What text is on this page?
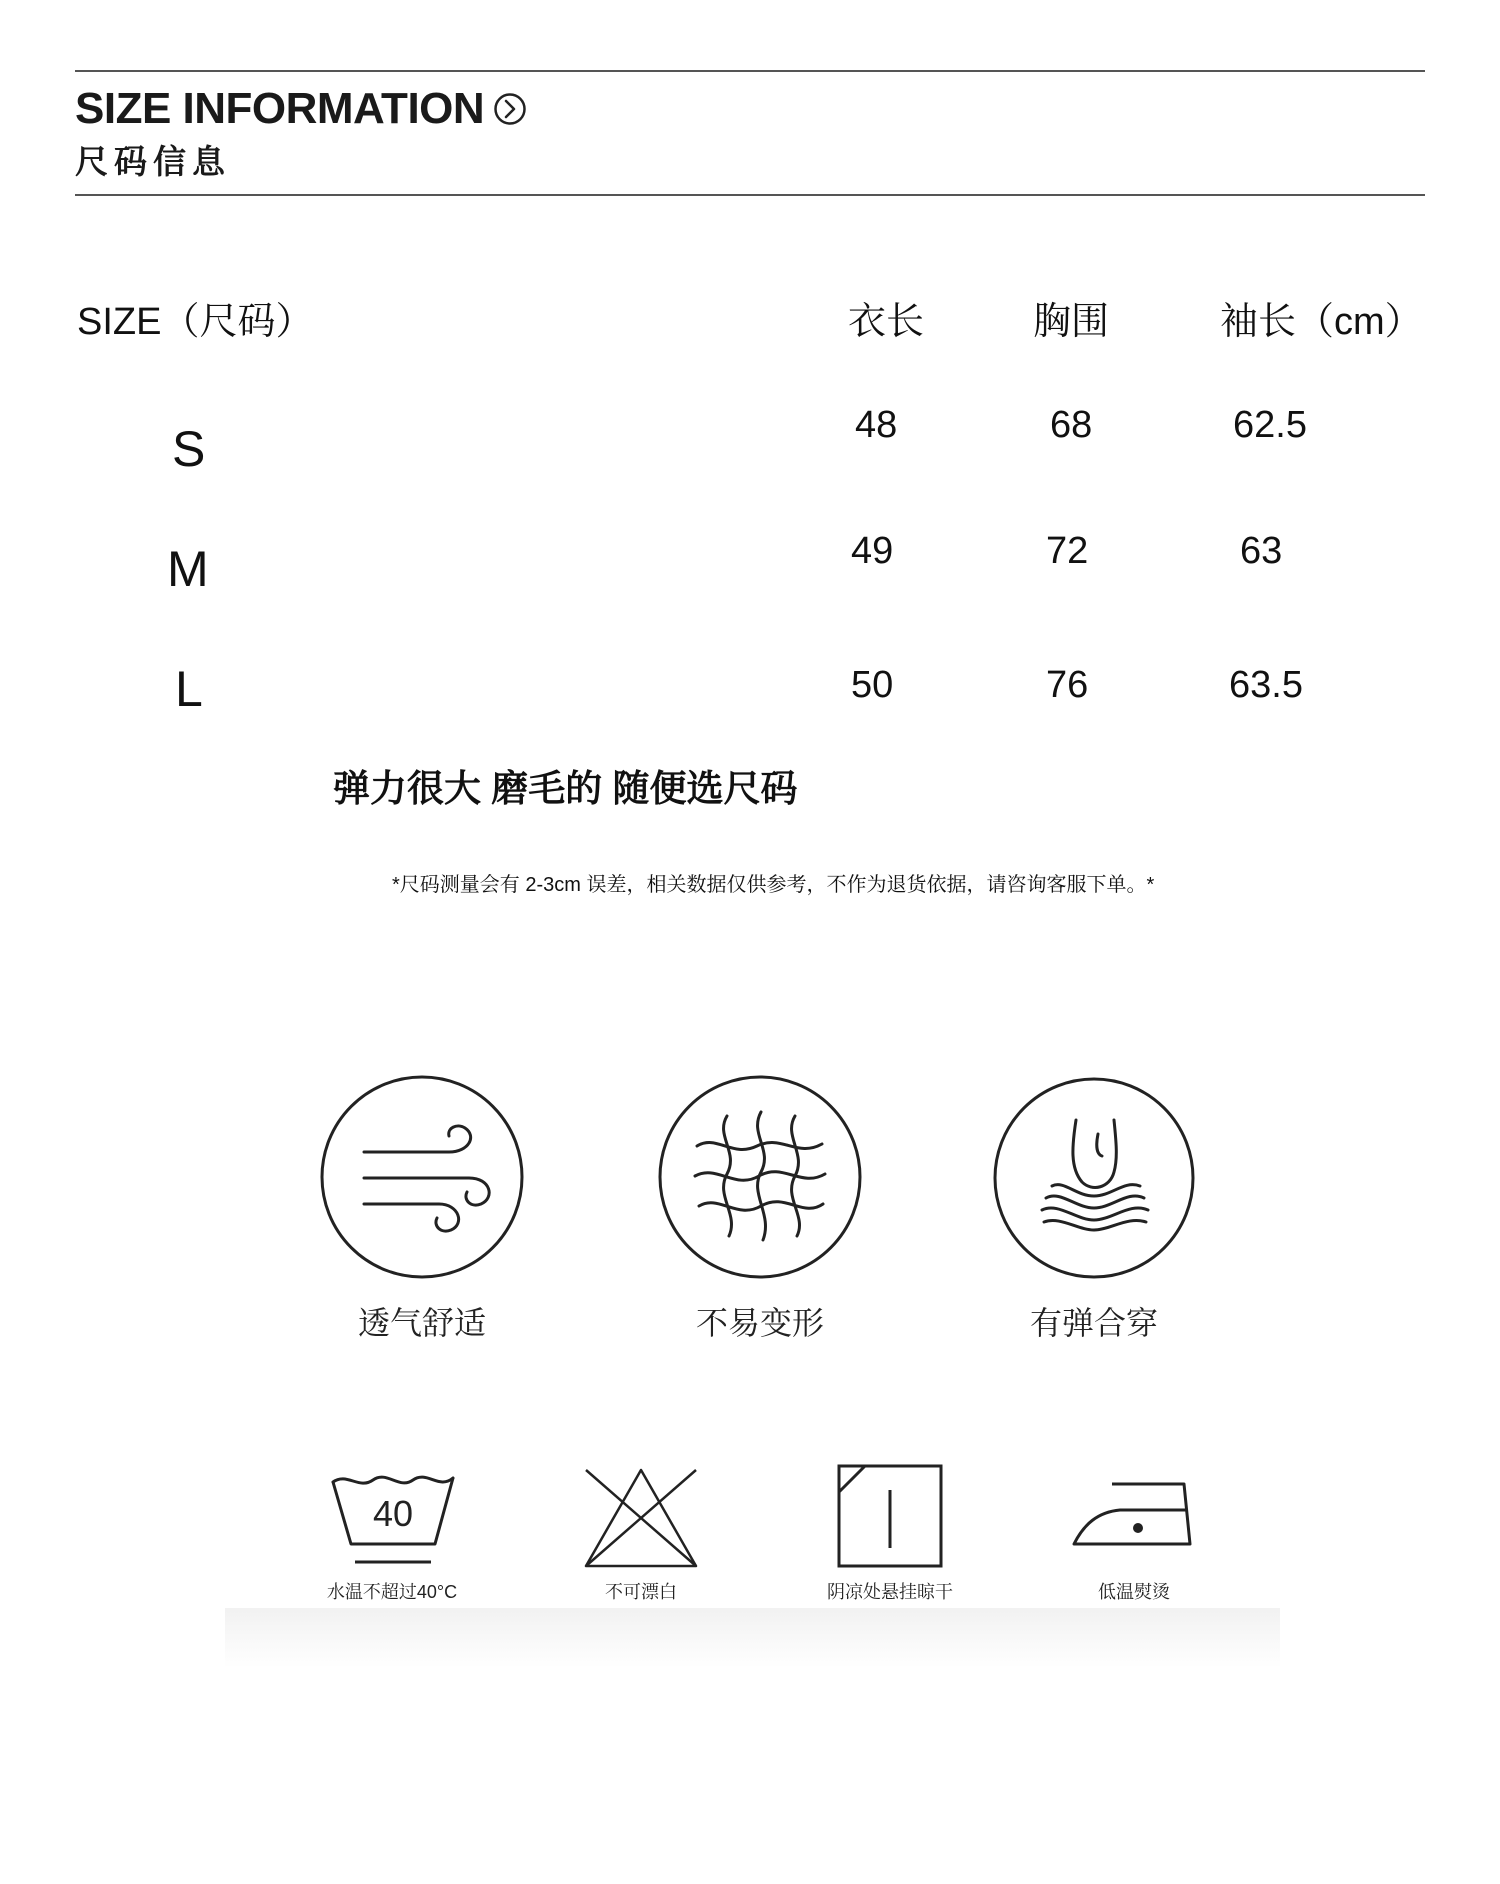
SIZE INFORMATION
尺码信息
SIZE（尺码）	衣长	胸围	袖长（cm）
S	48	68	62.5
M	49	72	63
L	50	76	63.5
弹力很大 磨毛的 随便选尺码
*尺码测量会有 2-3cm 误差，相关数据仅供参考，不作为退货依据，请咨询客服下单。*
透气舒适	不易变形	有弹合穿
40
水温不超过40°C	不可漂白	阴凉处悬挂晾干	低温熨烫
